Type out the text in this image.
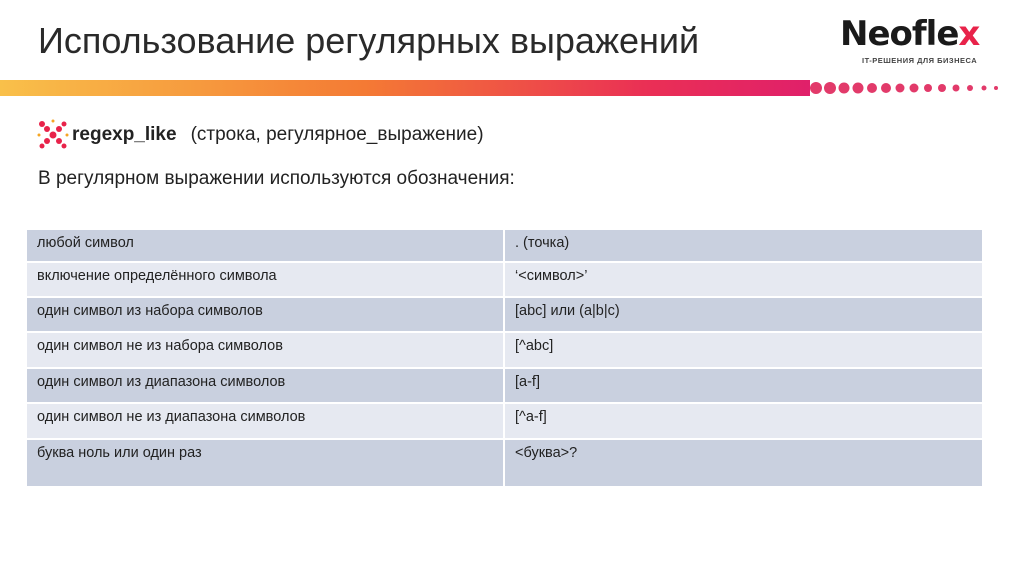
Использование регулярных выражений	Neoflex
IT-РЕШЕНИЯ ДЛЯ БИЗНЕСА
regexp_like (строка, регулярное_выражение)
В регулярном выражении используются обозначения:
любой символ	. (точка)
включение определённого символа	‘<символ>’
один символ из набора символов	[abc] или (a|b|c)
один символ не из набора символов	[^abc]
один символ из диапазона символов	[a-f]
один символ не из диапазона символов	[^a-f]
буква ноль или один раз	<буква>?
